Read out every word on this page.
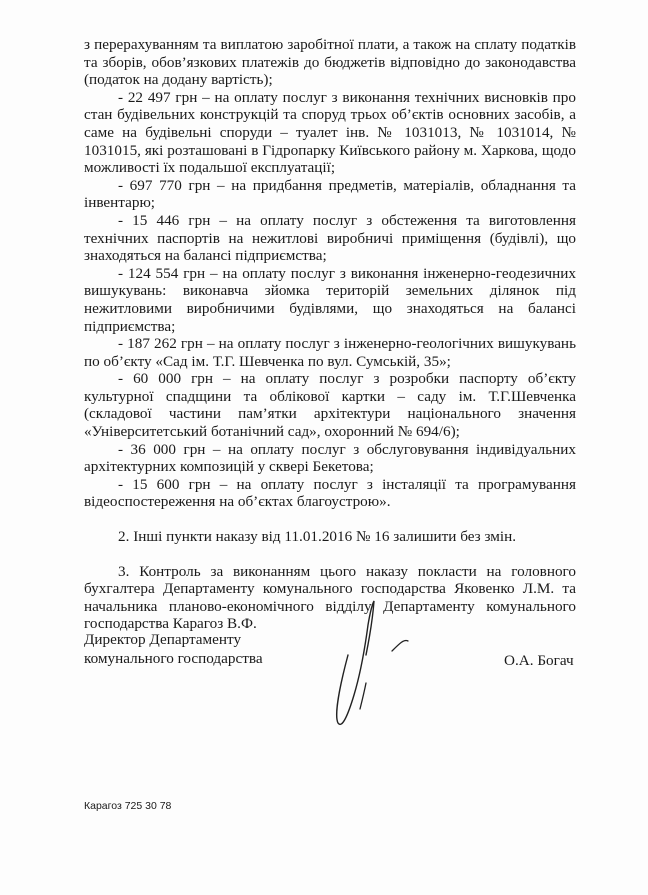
з перерахуванням та виплатою заробітної плати, а також на сплату податків та зборів, обов’язкових платежів до бюджетів відповідно до законодавства (податок на додану вартість);

- 22 497 грн – на оплату послуг з виконання технічних висновків про стан будівельних конструкцій та споруд трьох об’єктів основних засобів, а саме на будівельні споруди – туалет інв. № 1031013, № 1031014, № 1031015, які розташовані в Гідропарку Київського району м. Харкова, щодо можливості їх подальшої експлуатації;

- 697 770 грн – на придбання предметів, матеріалів, обладнання та інвентарю;

- 15 446 грн – на оплату послуг з обстеження та виготовлення технічних паспортів на нежитлові виробничі приміщення (будівлі), що знаходяться на балансі підприємства;

- 124 554 грн – на оплату послуг з виконання інженерно-геодезичних вишукувань: виконавча зйомка територій земельних ділянок під нежитловими виробничими будівлями, що знаходяться на балансі підприємства;

- 187 262 грн – на оплату послуг з інженерно-геологічних вишукувань по об’єкту «Сад ім. Т.Г. Шевченка по вул. Сумській, 35»;

- 60 000 грн – на оплату послуг з розробки паспорту об’єкту культурної спадщини та облікової картки – саду ім. Т.Г.Шевченка (складової частини пам’ятки архітектури національного значення «Університетський ботанічний сад», охоронний № 694/6);

- 36 000 грн – на оплату послуг з обслуговування індивідуальних архітектурних композицій у сквері Бекетова;

- 15 600 грн – на оплату послуг з інсталяції та програмування відеоспостереження на об’єктах благоустрою».

2. Інші пункти наказу від 11.01.2016 № 16 залишити без змін.

3. Контроль за виконанням цього наказу покласти на головного бухгалтера Департаменту комунального господарства Яковенко Л.М. та начальника планово-економічного відділу Департаменту комунального господарства Карагоз В.Ф.

Директор Департаменту

комунального господарства	О.А. Богач
Карагоз 725 30 78
